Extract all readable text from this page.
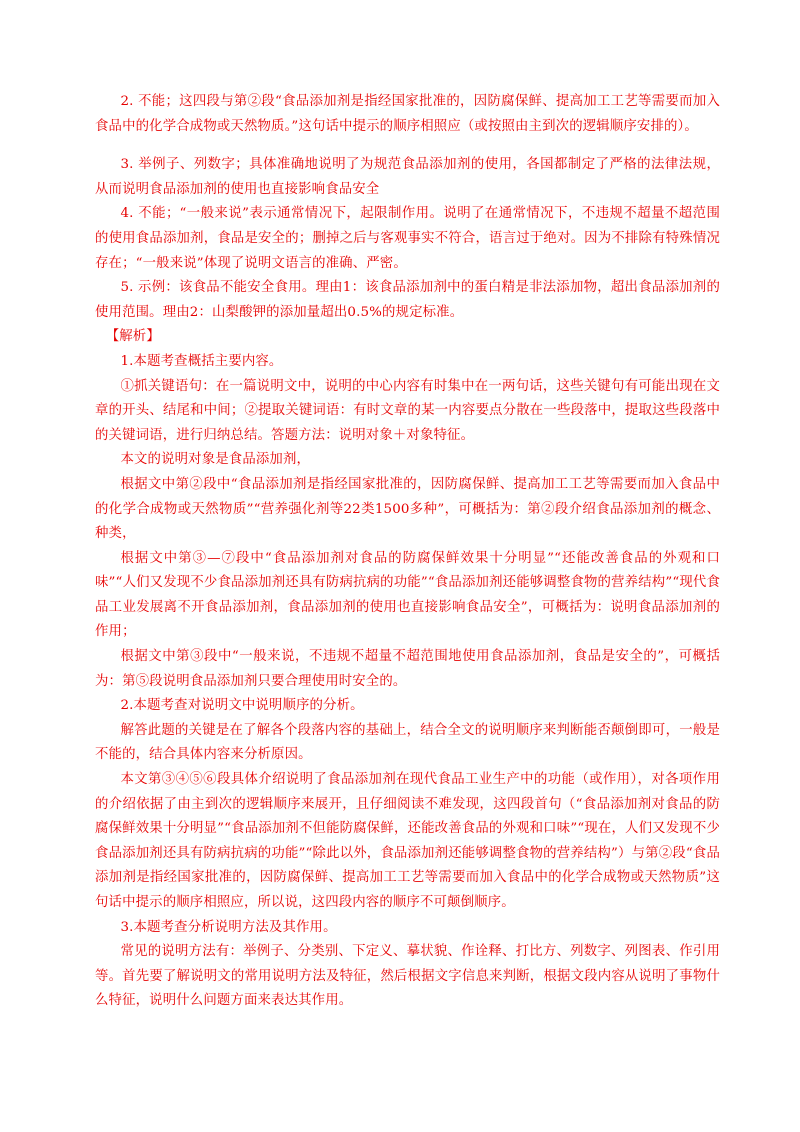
2. 不能；这四段与第②段“食品添加剂是指经国家批准的，因防腐保鲜、提高加工工艺等需要而加入食品中的化学合成物或天然物质。”这句话中提示的顺序相照应（或按照由主到次的逻辑顺序安排的）。

3. 举例子、列数字；具体准确地说明了为规范食品添加剂的使用，各国都制定了严格的法律法规，从而说明食品添加剂的使用也直接影响食品安全

4. 不能；“一般来说”表示通常情况下，起限制作用。说明了在通常情况下，不违规不超量不超范围的使用食品添加剂，食品是安全的；删掉之后与客观事实不符合，语言过于绝对。因为不排除有特殊情况存在；“一般来说”体现了说明文语言的准确、严密。

5. 示例：该食品不能安全食用。理由1：该食品添加剂中的蛋白精是非法添加物，超出食品添加剂的使用范围。理由2：山梨酸钾的添加量超出0.5%的规定标准。

【解析】

1.本题考查概括主要内容。

①抓关键语句：在一篇说明文中，说明的中心内容有时集中在一两句话，这些关键句有可能出现在文章的开头、结尾和中间；②提取关键词语：有时文章的某一内容要点分散在一些段落中，提取这些段落中的关键词语，进行归纳总结。答题方法：说明对象＋对象特征。

本文的说明对象是食品添加剂，

根据文中第②段中“食品添加剂是指经国家批准的，因防腐保鲜、提高加工工艺等需要而加入食品中的化学合成物或天然物质”“营养强化剂等22类1500多种”，可概括为：第②段介绍食品添加剂的概念、种类，

根据文中第③—⑦段中“食品添加剂对食品的防腐保鲜效果十分明显”“还能改善食品的外观和口味”“人们又发现不少食品添加剂还具有防病抗病的功能”“食品添加剂还能够调整食物的营养结构”“现代食品工业发展离不开食品添加剂，食品添加剂的使用也直接影响食品安全”，可概括为：说明食品添加剂的作用；

根据文中第③段中“一般来说，不违规不超量不超范围地使用食品添加剂，食品是安全的”，可概括为：第⑤段说明食品添加剂只要合理使用时安全的。

2.本题考查对说明文中说明顺序的分析。

解答此题的关键是在了解各个段落内容的基础上，结合全文的说明顺序来判断能否颠倒即可，一般是不能的，结合具体内容来分析原因。

本文第③④⑤⑥段具体介绍说明了食品添加剂在现代食品工业生产中的功能（或作用），对各项作用的介绍依据了由主到次的逻辑顺序来展开，且仔细阅读不难发现，这四段首句（“食品添加剂对食品的防腐保鲜效果十分明显”“食品添加剂不但能防腐保鲜，还能改善食品的外观和口味”“现在，人们又发现不少食品添加剂还具有防病抗病的功能”“除此以外，食品添加剂还能够调整食物的营养结构”）与第②段“食品添加剂是指经国家批准的，因防腐保鲜、提高加工工艺等需要而加入食品中的化学合成物或天然物质”这句话中提示的顺序相照应，所以说，这四段内容的顺序不可颠倒顺序。

3.本题考查分析说明方法及其作用。

常见的说明方法有：举例子、分类别、下定义、摹状貌、作诠释、打比方、列数字、列图表、作引用等。首先要了解说明文的常用说明方法及特征，然后根据文字信息来判断，根据文段内容从说明了事物什么特征，说明什么问题方面来表达其作用。
